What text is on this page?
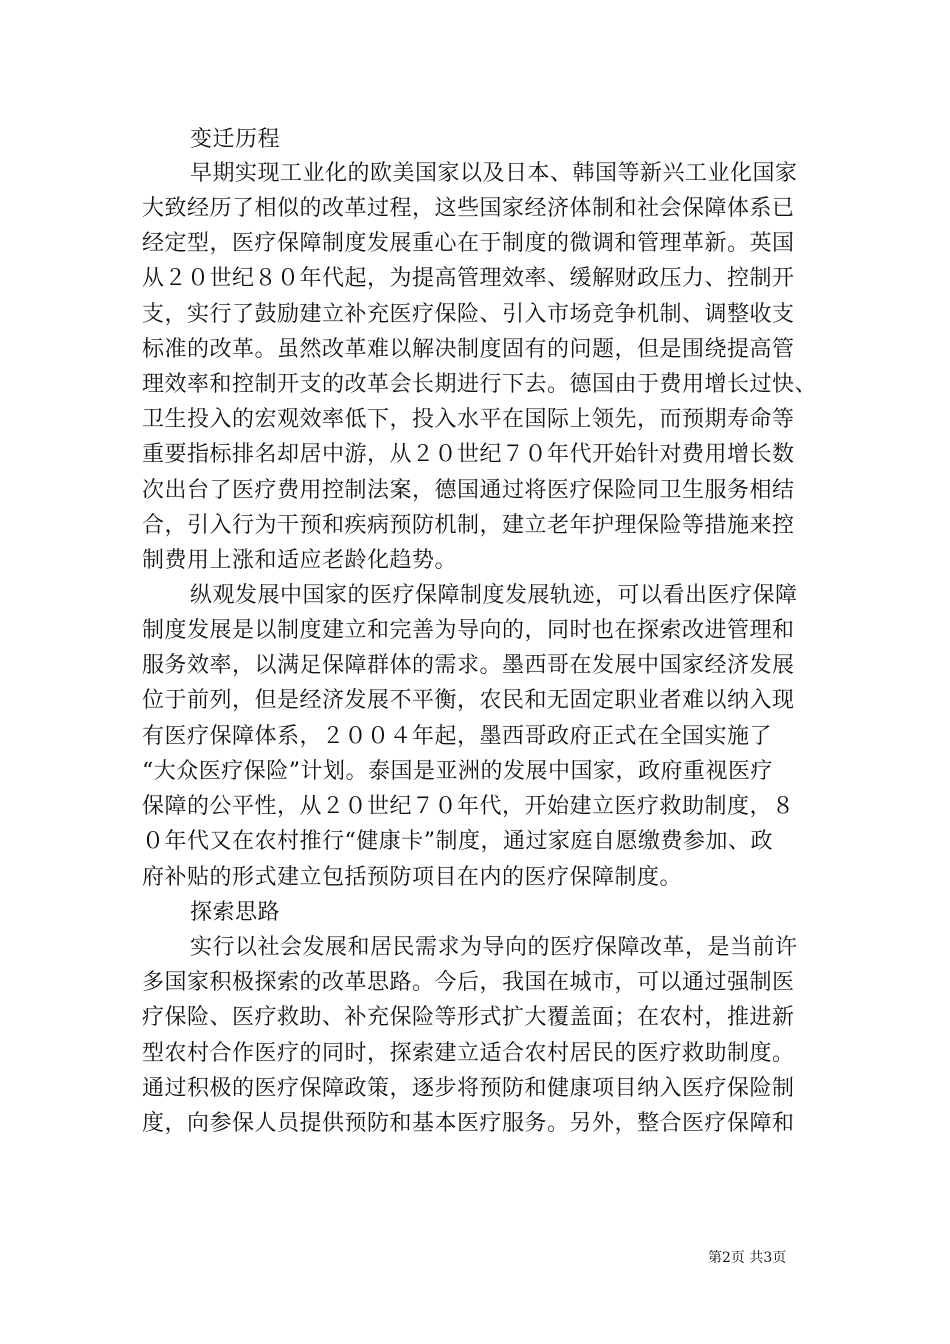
变迁历程
早期实现工业化的欧美国家以及日本、韩国等新兴工业化国家
大致经历了相似的改革过程，这些国家经济体制和社会保障体系已
经定型，医疗保障制度发展重心在于制度的微调和管理革新。英国
从２０世纪８０年代起，为提高管理效率、缓解财政压力、控制开
支，实行了鼓励建立补充医疗保险、引入市场竞争机制、调整收支
标准的改革。虽然改革难以解决制度固有的问题，但是围绕提高管
理效率和控制开支的改革会长期进行下去。德国由于费用增长过快、
卫生投入的宏观效率低下，投入水平在国际上领先，而预期寿命等
重要指标排名却居中游，从２０世纪７０年代开始针对费用增长数
次出台了医疗费用控制法案，德国通过将医疗保险同卫生服务相结
合，引入行为干预和疾病预防机制，建立老年护理保险等措施来控
制费用上涨和适应老龄化趋势。
纵观发展中国家的医疗保障制度发展轨迹，可以看出医疗保障
制度发展是以制度建立和完善为导向的，同时也在探索改进管理和
服务效率，以满足保障群体的需求。墨西哥在发展中国家经济发展
位于前列，但是经济发展不平衡，农民和无固定职业者难以纳入现
有医疗保障体系，２００４年起，墨西哥政府正式在全国实施了
“大众医疗保险”计划。泰国是亚洲的发展中国家，政府重视医疗
保障的公平性，从２０世纪７０年代，开始建立医疗救助制度，８
０年代又在农村推行“健康卡”制度，通过家庭自愿缴费参加、政
府补贴的形式建立包括预防项目在内的医疗保障制度。
探索思路
实行以社会发展和居民需求为导向的医疗保障改革，是当前许
多国家积极探索的改革思路。今后，我国在城市，可以通过强制医
疗保险、医疗救助、补充保险等形式扩大覆盖面；在农村，推进新
型农村合作医疗的同时，探索建立适合农村居民的医疗救助制度。
通过积极的医疗保障政策，逐步将预防和健康项目纳入医疗保险制
度，向参保人员提供预防和基本医疗服务。另外，整合医疗保障和
第2页 共3页
